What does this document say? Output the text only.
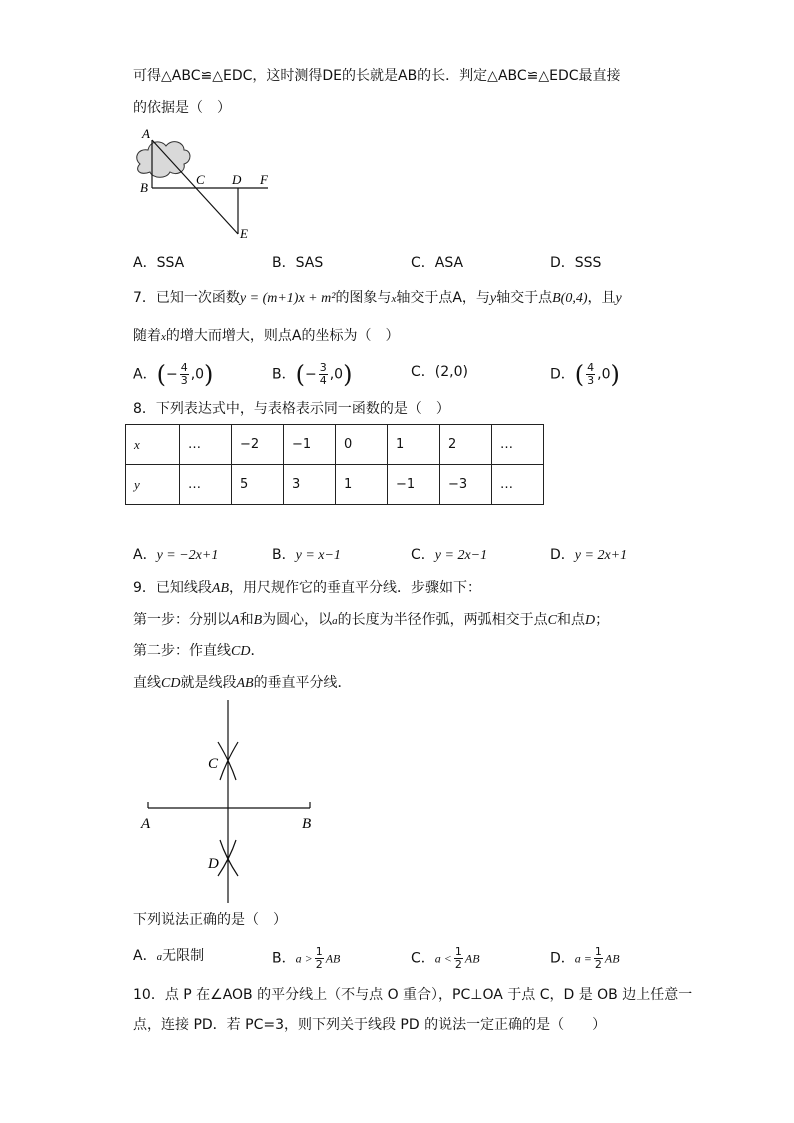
可得△ABC≌△EDC，这时测得DE的长就是AB的长．判定△ABC≌△EDC最直接
的依据是（　）
A
B
C D F
E
A．SSA	B．SAS	C．ASA	D．SSS
7．已知一次函数y = (m+1)x + m²的图象与x轴交于点A，与y轴交于点B(0,4)，且y
随着x的增大而增大，则点A的坐标为（　）
A．(− $\frac{4}{3} ,0$)	B．(− $\frac{3}{4} ,0$)	C．(2,0)	D．( $\frac{4}{3} ,0$)
8．下列表达式中，与表格表示同一函数的是（　）
x	…	−2	−1	0	1	2	…
y	…	5	3	1	−1	−3	…
A．y = −2x+1	B．y = x−1	C．y = 2x−1	D．y = 2x+1
9．已知线段AB，用尺规作它的垂直平分线．步骤如下：
第一步：分别以A和B为圆心，以a的长度为半径作弧，两弧相交于点C和点D；
第二步：作直线CD．
直线CD就是线段AB的垂直平分线．
C
D
A	B
下列说法正确的是（　）
A．a无限制	B．$a > \frac{1}{2}$ AB	C．$a < \frac{1}{2}$ AB	D．$a = \frac{1}{2}$ AB
10．点 P 在∠AOB 的平分线上（不与点 O 重合），PC⊥OA 于点 C，D 是 OB 边上任意一
点，连接 PD．若 PC=3，则下列关于线段 PD 的说法一定正确的是（　　）
